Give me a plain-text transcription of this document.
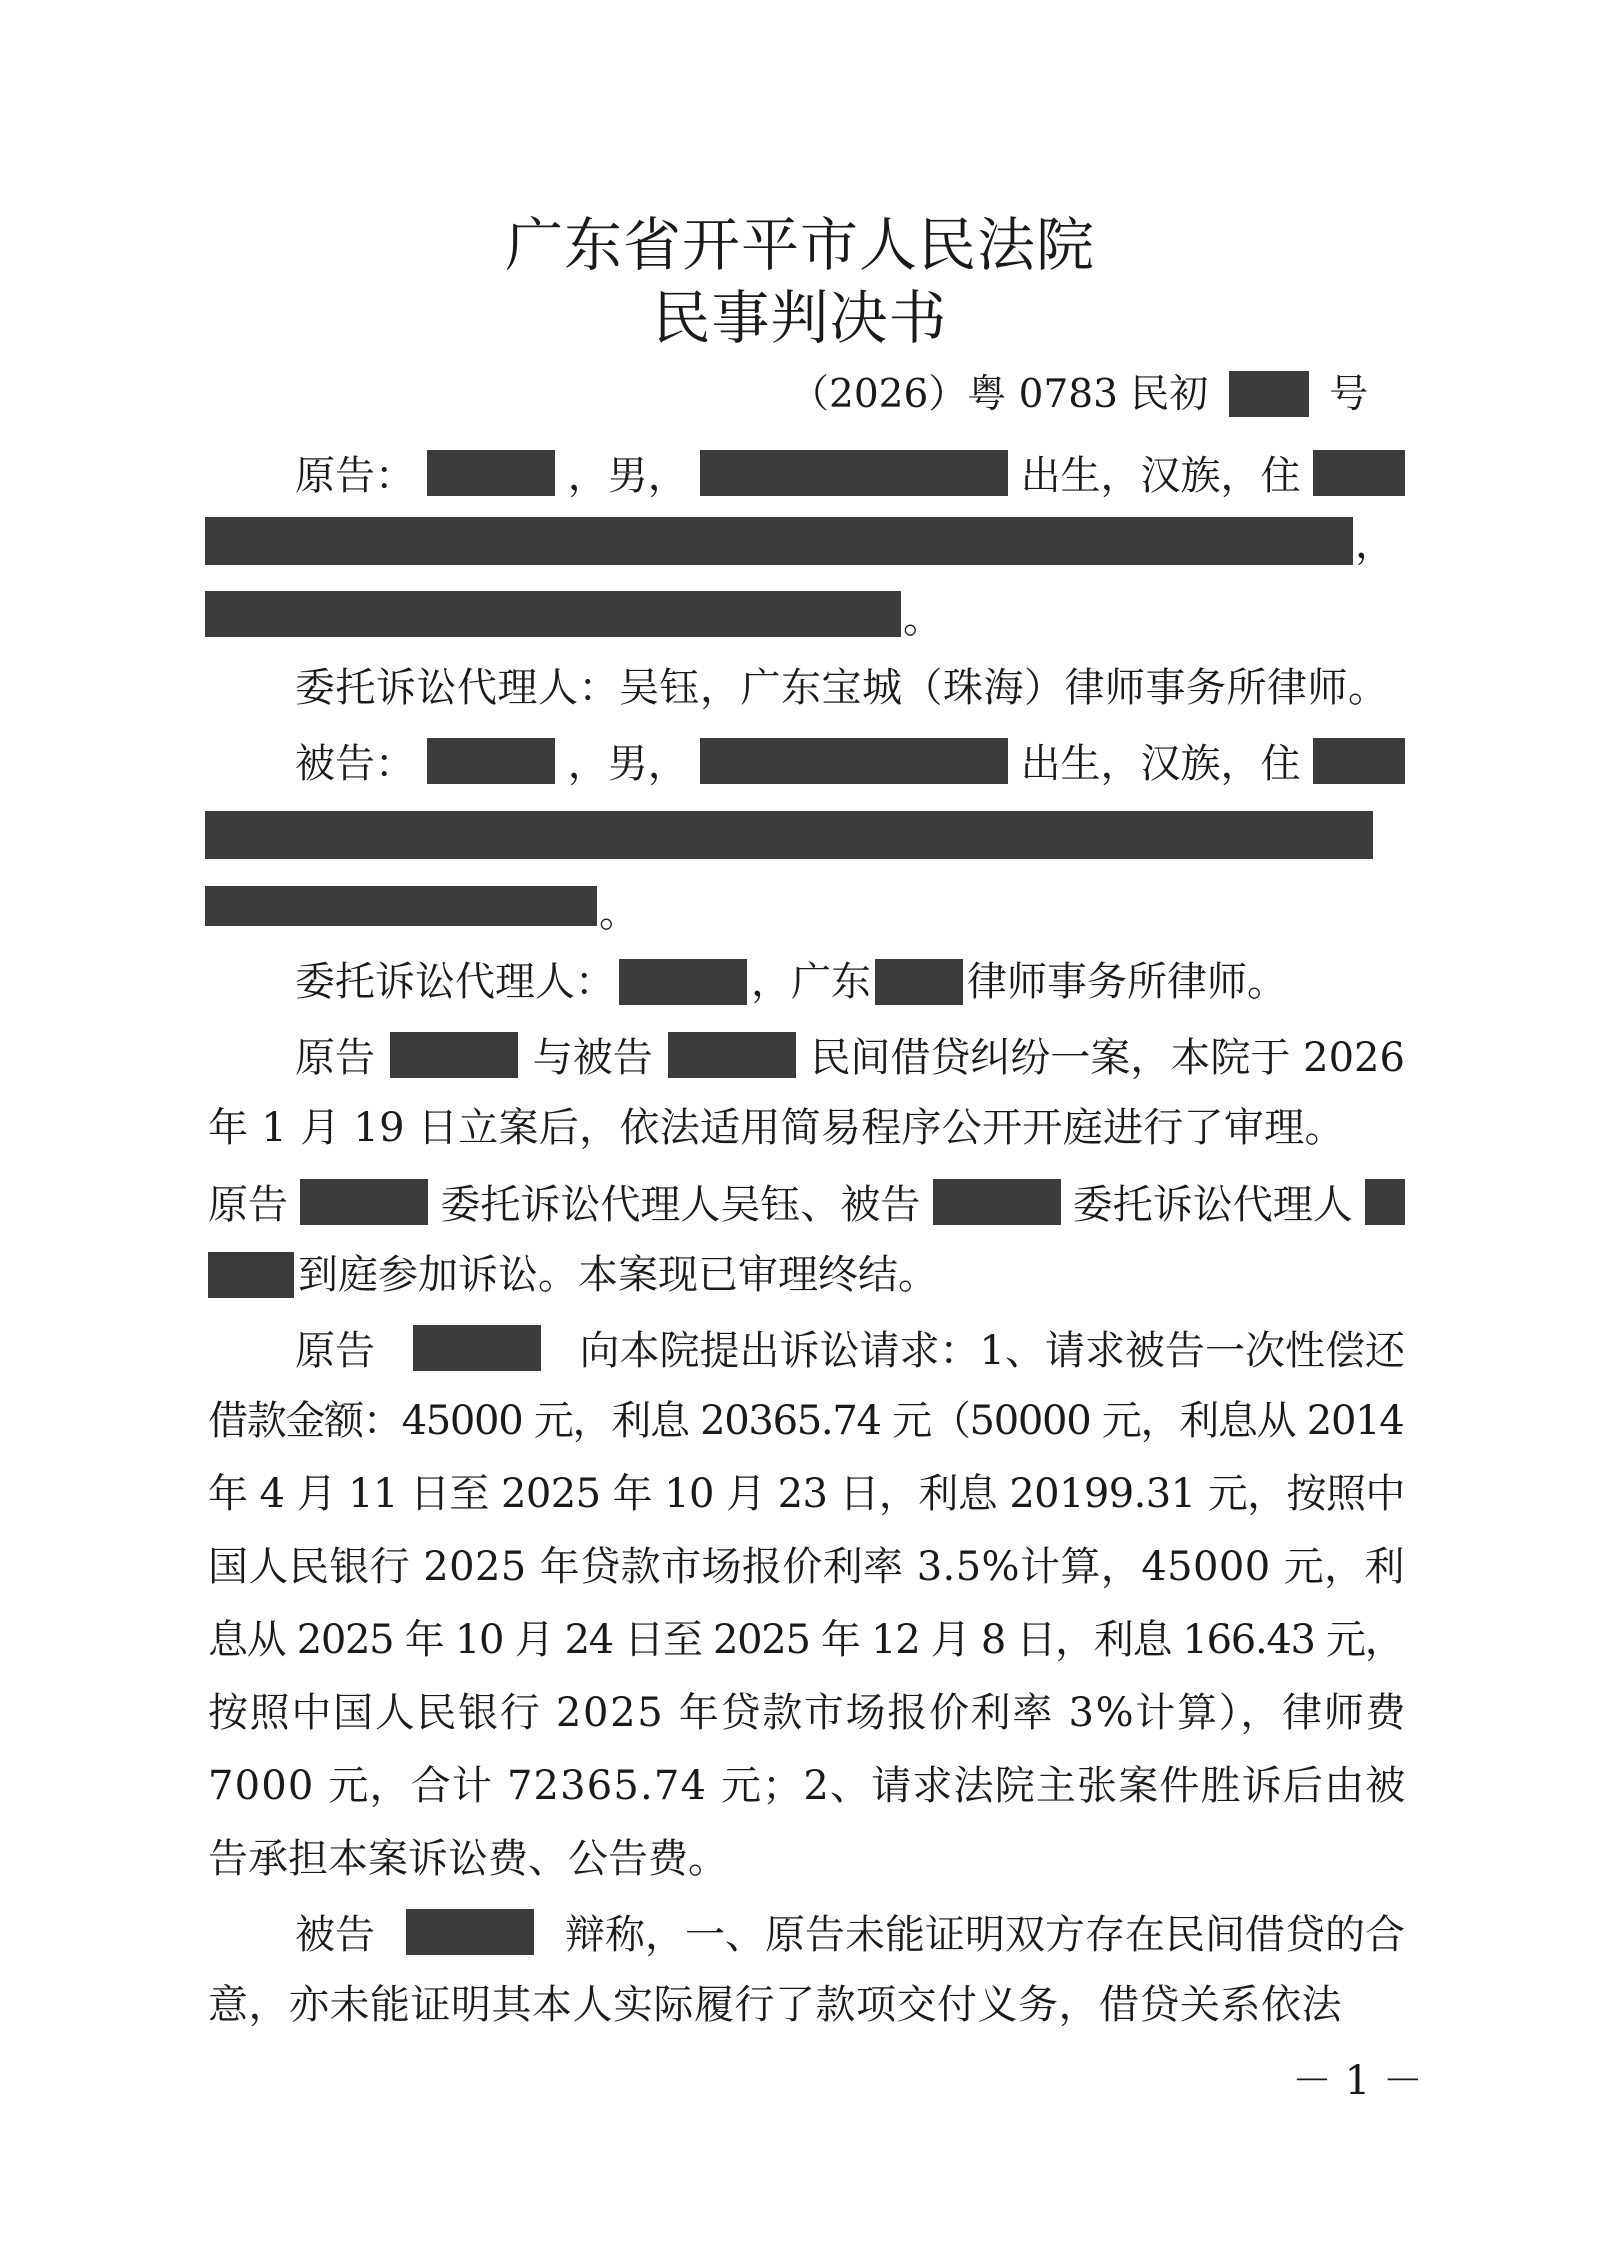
广东省开平市人民法院
民事判决书
（2026）粤 0783 民初	号
原告：	，男，	出生，汉族，住
，
。
委托诉讼代理人：吴钰，广东宝城（珠海）律师事务所律师。
被告：	，男，	出生，汉族，住
。
委托诉讼代理人：	，广东 律师事务所律师。
原告	与被告	民间借贷纠纷一案，本院于 2026
年 1 月 19 日立案后，依法适用简易程序公开开庭进行了审理。
原告	委托诉讼代理人吴钰、被告	委托诉讼代理人
到庭参加诉讼。本案现已审理终结。
原告	向本院提出诉讼请求：1、请求被告一次性偿还
借款金额：45000 元，利息 20365.74 元（50000 元，利息从 2014
年 4 月 11 日至 2025 年 10 月 23 日，利息 20199.31 元，按照中
国人民银行 2025 年贷款市场报价利率 3.5%计算，45000 元，利
息从 2025 年 10 月 24 日至 2025 年 12 月 8 日，利息 166.43 元，
按照中国人民银行 2025 年贷款市场报价利率 3%计算），律师费
7000 元，合计 72365.74 元；2、请求法院主张案件胜诉后由被
告承担本案诉讼费、公告费。
被告	辩称，一、原告未能证明双方存在民间借贷的合
意，亦未能证明其本人实际履行了款项交付义务，借贷关系依法
－ 1 －
